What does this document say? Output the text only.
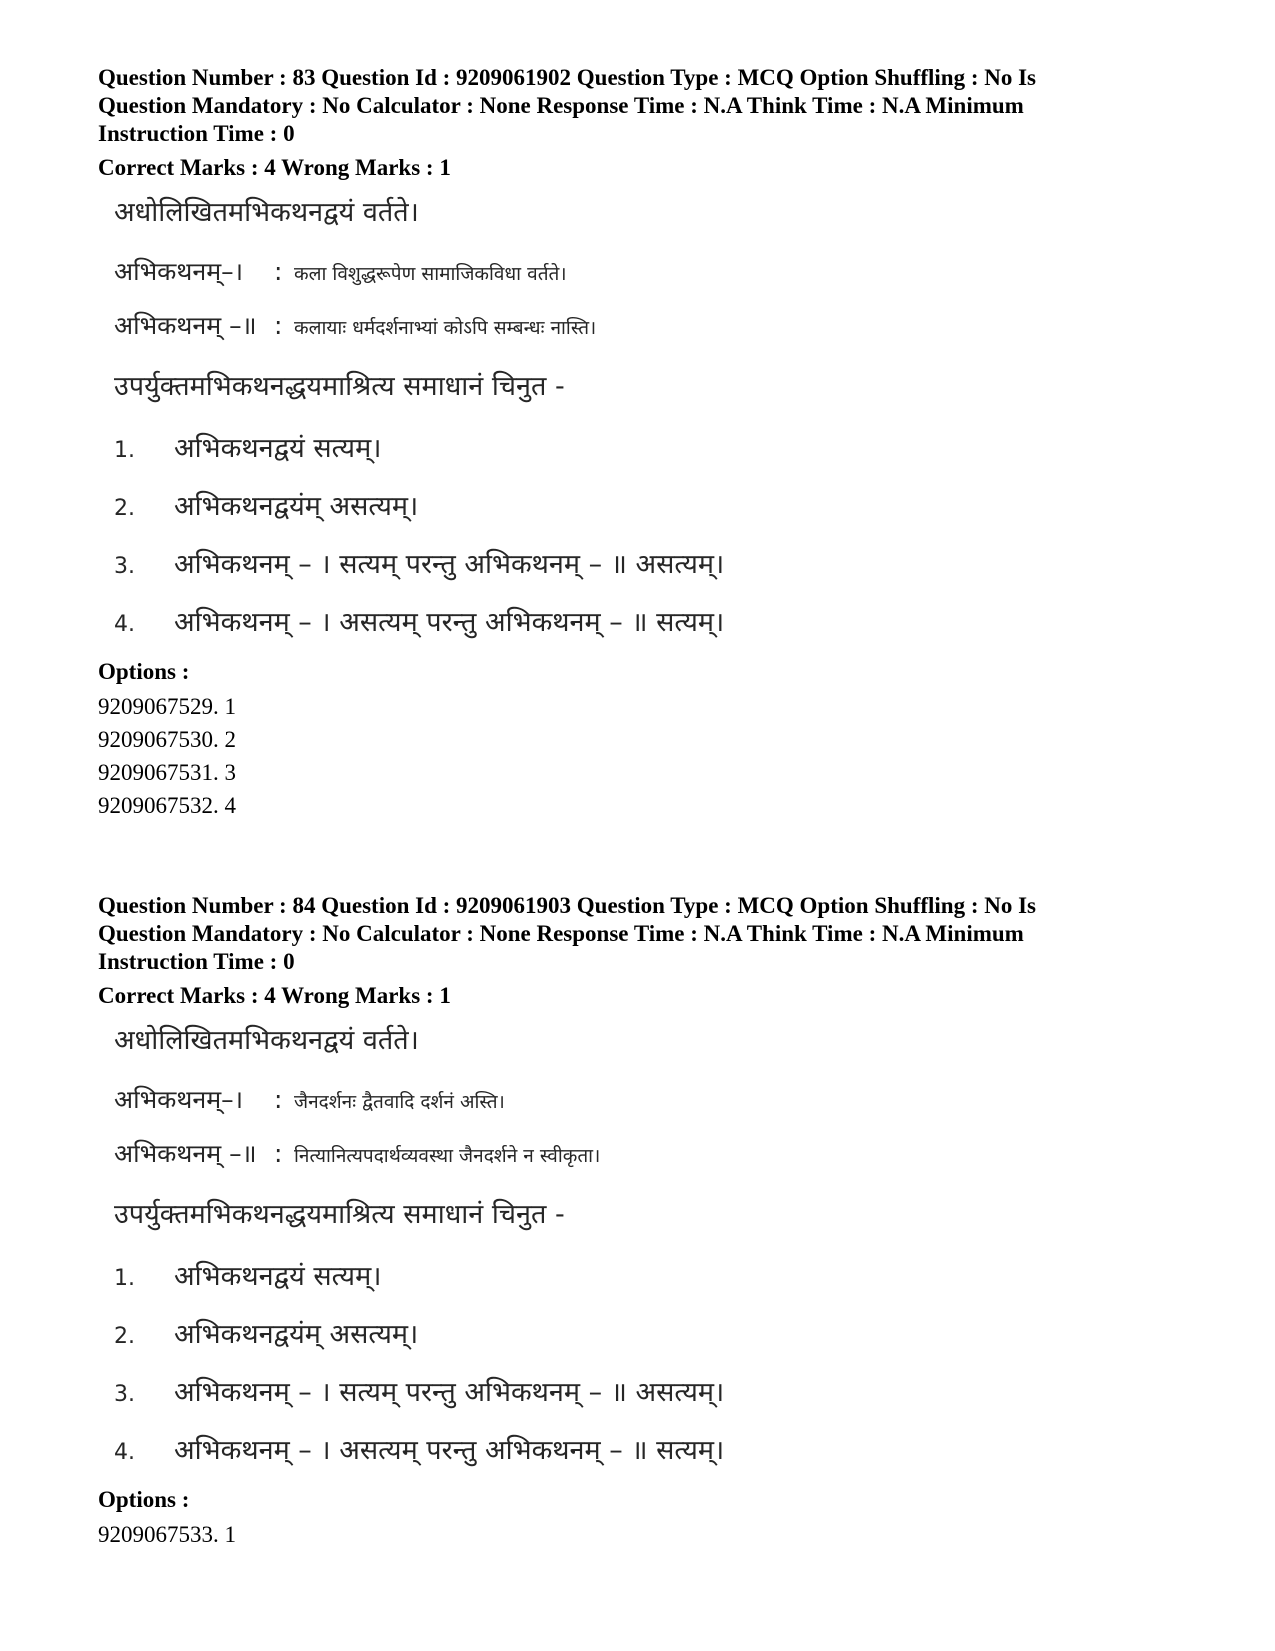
Question Number : 83 Question Id : 9209061902 Question Type : MCQ Option Shuffling : No Is
Question Mandatory : No Calculator : None Response Time : N.A Think Time : N.A Minimum
Instruction Time : 0

Correct Marks : 4 Wrong Marks : 1

अधोलिखितमभिकथनद्वयं वर्तते।
अभिकथनम्–। : कला विशुद्धरूपेण सामाजिकविधा वर्तते।
अभिकथनम् –॥ : कलायाः धर्मदर्शनाभ्यां कोऽपि सम्बन्धः नास्ति।
उपर्युक्तमभिकथनद्धयमाश्रित्य समाधानं चिनुत -
1. अभिकथनद्वयं सत्यम्।
2. अभिकथनद्वयंम् असत्यम्।
3. अभिकथनम् – । सत्यम् परन्तु अभिकथनम् – ॥ असत्यम्।
4. अभिकथनम् – । असत्यम् परन्तु अभिकथनम् – ॥ सत्यम्।

Options :

9209067529. 1

9209067530. 2

9209067531. 3

9209067532. 4

Question Number : 84 Question Id : 9209061903 Question Type : MCQ Option Shuffling : No Is
Question Mandatory : No Calculator : None Response Time : N.A Think Time : N.A Minimum
Instruction Time : 0

Correct Marks : 4 Wrong Marks : 1

अधोलिखितमभिकथनद्वयं वर्तते।
अभिकथनम्–। : जैनदर्शनः द्वैतवादि दर्शनं अस्ति।
अभिकथनम् –॥ : नित्यानित्यपदार्थव्यवस्था जैनदर्शने न स्वीकृता।
उपर्युक्तमभिकथनद्धयमाश्रित्य समाधानं चिनुत -
1. अभिकथनद्वयं सत्यम्।
2. अभिकथनद्वयंम् असत्यम्।
3. अभिकथनम् – । सत्यम् परन्तु अभिकथनम् – ॥ असत्यम्।
4. अभिकथनम् – । असत्यम् परन्तु अभिकथनम् – ॥ सत्यम्।

Options :

9209067533. 1
